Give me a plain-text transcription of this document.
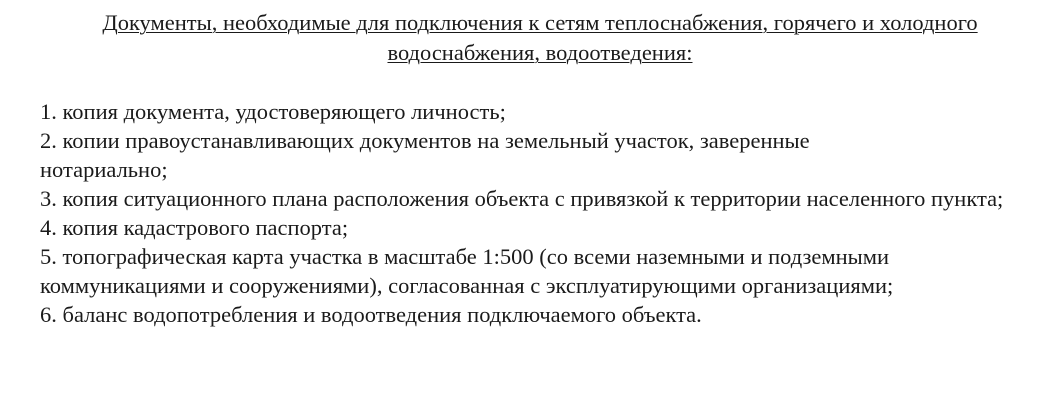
Документы, необходимые для подключения к сетям теплоснабжения, горячего и холодного водоснабжения, водоотведения:
1. копия документа, удостоверяющего личность;
2. копии правоустанавливающих документов на земельный участок, заверенные нотариально;
3. копия ситуационного плана расположения объекта с привязкой к территории населенного пункта;
4. копия кадастрового паспорта;
5. топографическая карта участка в масштабе 1:500 (со всеми наземными и подземными коммуникациями и сооружениями), согласованная с эксплуатирующими организациями;
6. баланс водопотребления и водоотведения подключаемого объекта.
